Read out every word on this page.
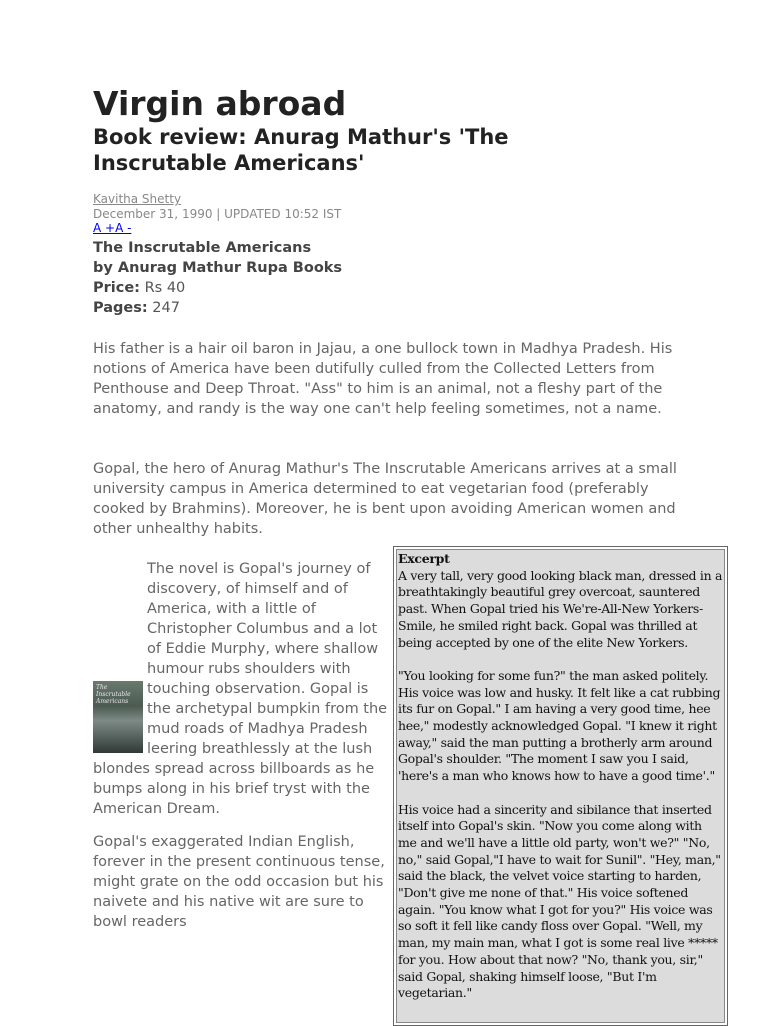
Virgin abroad
Book review: Anurag Mathur's 'The Inscrutable Americans'
Kavitha Shetty
December 31, 1990 | UPDATED 10:52 IST
A +A -
The Inscrutable Americans
by Anurag Mathur Rupa Books
Price: Rs 40
Pages: 247

His father is a hair oil baron in Jajau, a one bullock town in Madhya Pradesh. His notions of America have been dutifully culled from the Collected Letters from Penthouse and Deep Throat. "Ass" to him is an animal, not a fleshy part of the anatomy, and randy is the way one can't help feeling sometimes, not a name.

Gopal, the hero of Anurag Mathur's The Inscrutable Americans arrives at a small university campus in America determined to eat vegetarian food (preferably cooked by Brahmins). Moreover, he is bent upon avoiding American women and other unhealthy habits.

The Inscrutable Americans

The novel is Gopal's journey of discovery, of himself and of America, with a little of Christopher Columbus and a lot of Eddie Murphy, where shallow humour rubs shoulders with touching observation. Gopal is the archetypal bumpkin from the mud roads of Madhya Pradesh leering breathlessly at the lush blondes spread across billboards as he bumps along in his brief tryst with the American Dream.

Gopal's exaggerated Indian English, forever in the present continuous tense, might grate on the odd occasion but his naivete and his native wit are sure to bowl readers

Excerpt

A very tall, very good looking black man, dressed in a breathtakingly beautiful grey overcoat, sauntered past. When Gopal tried his We're-All-New Yorkers-Smile, he smiled right back. Gopal was thrilled at being accepted by one of the elite New Yorkers.

"You looking for some fun?" the man asked politely. His voice was low and husky. It felt like a cat rubbing its fur on Gopal." I am having a very good time, hee hee," modestly acknowledged Gopal. "I knew it right away," said the man putting a brotherly arm around Gopal's shoulder. "The moment I saw you I said, 'here's a man who knows how to have a good time'."

His voice had a sincerity and sibilance that inserted itself into Gopal's skin. "Now you come along with me and we'll have a little old party, won't we?" "No, no," said Gopal,"I have to wait for Sunil". "Hey, man," said the black, the velvet voice starting to harden, "Don't give me none of that." His voice softened again. "You know what I got for you?" His voice was so soft it fell like candy floss over Gopal. "Well, my man, my main man, what I got is some real live ***** for you. How about that now? "No, thank you, sir," said Gopal, shaking himself loose, "But I'm vegetarian."
